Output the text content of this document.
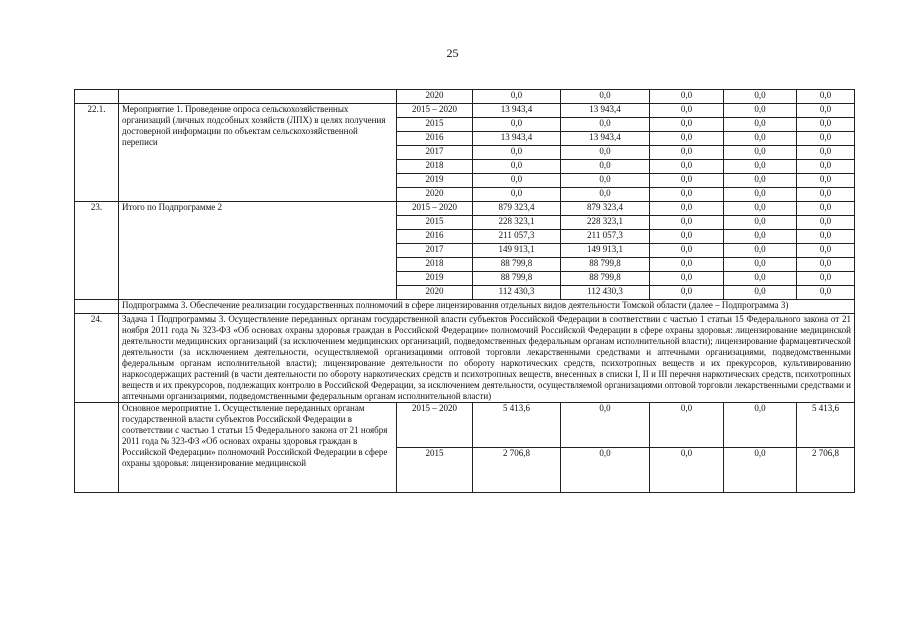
25
		2020	0,0	0,0	0,0	0,0	0,0
22.1.	Мероприятие 1. Проведение опроса сельскохозяйственных организаций (личных подсобных хозяйств (ЛПХ) в целях получения достоверной информации по объектам сельскохозяйственной переписи	2015 – 2020	13 943,4	13 943,4	0,0	0,0	0,0
		2015	0,0	0,0	0,0	0,0	0,0
		2016	13 943,4	13 943,4	0,0	0,0	0,0
		2017	0,0	0,0	0,0	0,0	0,0
		2018	0,0	0,0	0,0	0,0	0,0
		2019	0,0	0,0	0,0	0,0	0,0
		2020	0,0	0,0	0,0	0,0	0,0
23.	Итого по Подпрограмме 2	2015 – 2020	879 323,4	879 323,4	0,0	0,0	0,0
		2015	228 323,1	228 323,1	0,0	0,0	0,0
		2016	211 057,3	211 057,3	0,0	0,0	0,0
		2017	149 913,1	149 913,1	0,0	0,0	0,0
		2018	88 799,8	88 799,8	0,0	0,0	0,0
		2019	88 799,8	88 799,8	0,0	0,0	0,0
		2020	112 430,3	112 430,3	0,0	0,0	0,0
	Подпрограмма 3. Обеспечение реализации государственных полномочий в сфере лицензирования отдельных видов деятельности Томской области (далее – Подпрограмма 3)						
24.	Задача 1 Подпрограммы 3. Осуществление переданных органам государственной власти субъектов Российской Федерации в соответствии с частью 1 статьи 15 Федерального закона от 21 ноября 2011 года № 323-ФЗ «Об основах охраны здоровья граждан в Российской Федерации» полномочий Российской Федерации в сфере охраны здоровья: лицензирование медицинской деятельности медицинских организаций (за исключением медицинских организаций, подведомственных федеральным органам исполнительной власти); лицензирование фармацевтической деятельности (за исключением деятельности, осуществляемой организациями оптовой торговли лекарственными средствами и аптечными организациями, подведомственными федеральным органам исполнительной власти); лицензирование деятельности по обороту наркотических средств, психотропных веществ и их прекурсоров, культивированию наркосодержащих растений (в части деятельности по обороту наркотических средств и психотропных веществ, внесенных в списки I, II и III перечня наркотических средств, психотропных веществ и их прекурсоров, подлежащих контролю в Российской Федерации, за исключением деятельности, осуществляемой организациями оптовой торговли лекарственными средствами и аптечными организациями, подведомственными федеральным органам исполнительной власти)						
	Основное мероприятие 1. Осуществление переданных органам государственной власти субъектов Российской Федерации в соответствии с частью 1 статьи 15 Федерального закона от 21 ноября 2011 года № 323-ФЗ «Об основах охраны здоровья граждан в Российской Федерации» полномочий Российской Федерации в сфере охраны здоровья: лицензирование медицинской	2015 – 2020	5 413,6	0,0	0,0	0,0	5 413,6
		2015	2 706,8	0,0	0,0	0,0	2 706,8
